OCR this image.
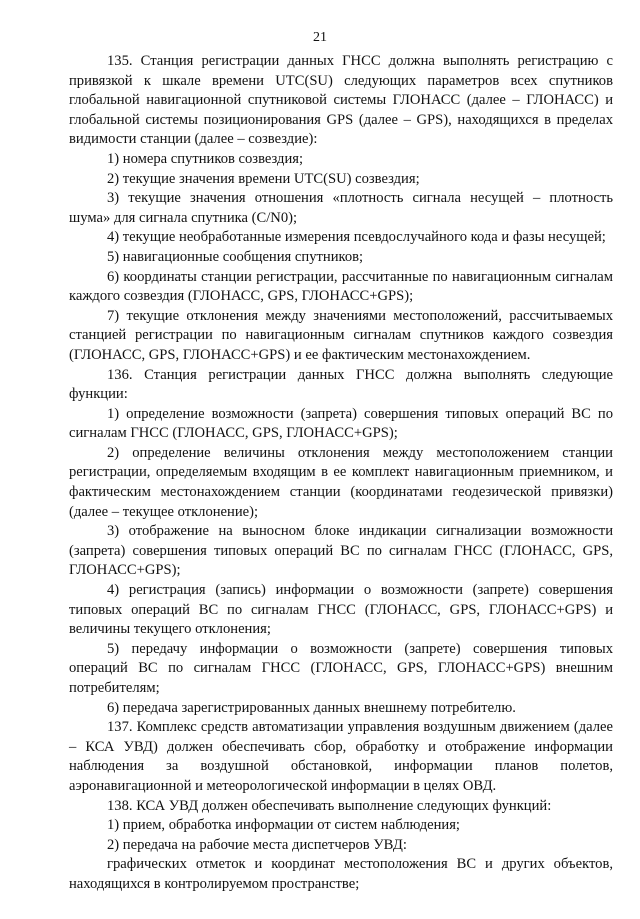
21

135. Станция регистрации данных ГНСС должна выполнять регистрацию с привязкой к шкале времени UTC(SU) следующих параметров всех спутников глобальной навигационной спутниковой системы ГЛОНАСС (далее – ГЛОНАСС) и глобальной системы позиционирования GPS (далее – GPS), находящихся в пределах видимости станции (далее – созвездие):

1) номера спутников созвездия;

2) текущие значения времени UTC(SU) созвездия;

3) текущие значения отношения «плотность сигнала несущей – плотность шума» для сигнала спутника (C/N0);

4) текущие необработанные измерения псевдослучайного кода и фазы несущей;

5) навигационные сообщения спутников;

6) координаты станции регистрации, рассчитанные по навигационным сигналам каждого созвездия (ГЛОНАСС, GPS, ГЛОНАСС+GPS);

7) текущие отклонения между значениями местоположений, рассчитываемых станцией регистрации по навигационным сигналам спутников каждого созвездия (ГЛОНАСС, GPS, ГЛОНАСС+GPS) и ее фактическим местонахождением.

136. Станция регистрации данных ГНСС должна выполнять следующие функции:

1) определение возможности (запрета) совершения типовых операций ВС по сигналам ГНСС (ГЛОНАСС, GPS, ГЛОНАСС+GPS);

2) определение величины отклонения между местоположением станции регистрации, определяемым входящим в ее комплект навигационным приемником, и фактическим местонахождением станции (координатами геодезической привязки) (далее – текущее отклонение);

3) отображение на выносном блоке индикации сигнализации возможности (запрета) совершения типовых операций ВС по сигналам ГНСС (ГЛОНАСС, GPS, ГЛОНАСС+GPS);

4) регистрация (запись) информации о возможности (запрете) совершения типовых операций ВС по сигналам ГНСС (ГЛОНАСС, GPS, ГЛОНАСС+GPS) и величины текущего отклонения;

5) передачу информации о возможности (запрете) совершения типовых операций ВС по сигналам ГНСС (ГЛОНАСС, GPS, ГЛОНАСС+GPS) внешним потребителям;

6) передача зарегистрированных данных внешнему потребителю.

137. Комплекс средств автоматизации управления воздушным движением (далее – КСА УВД) должен обеспечивать сбор, обработку и отображение информации наблюдения за воздушной обстановкой, информации планов полетов, аэронавигационной и метеорологической информации в целях ОВД.

138. КСА УВД должен обеспечивать выполнение следующих функций:

1) прием, обработка информации от систем наблюдения;

2) передача на рабочие места диспетчеров УВД:

графических отметок и координат местоположения ВС и других объектов, находящихся в контролируемом пространстве;
